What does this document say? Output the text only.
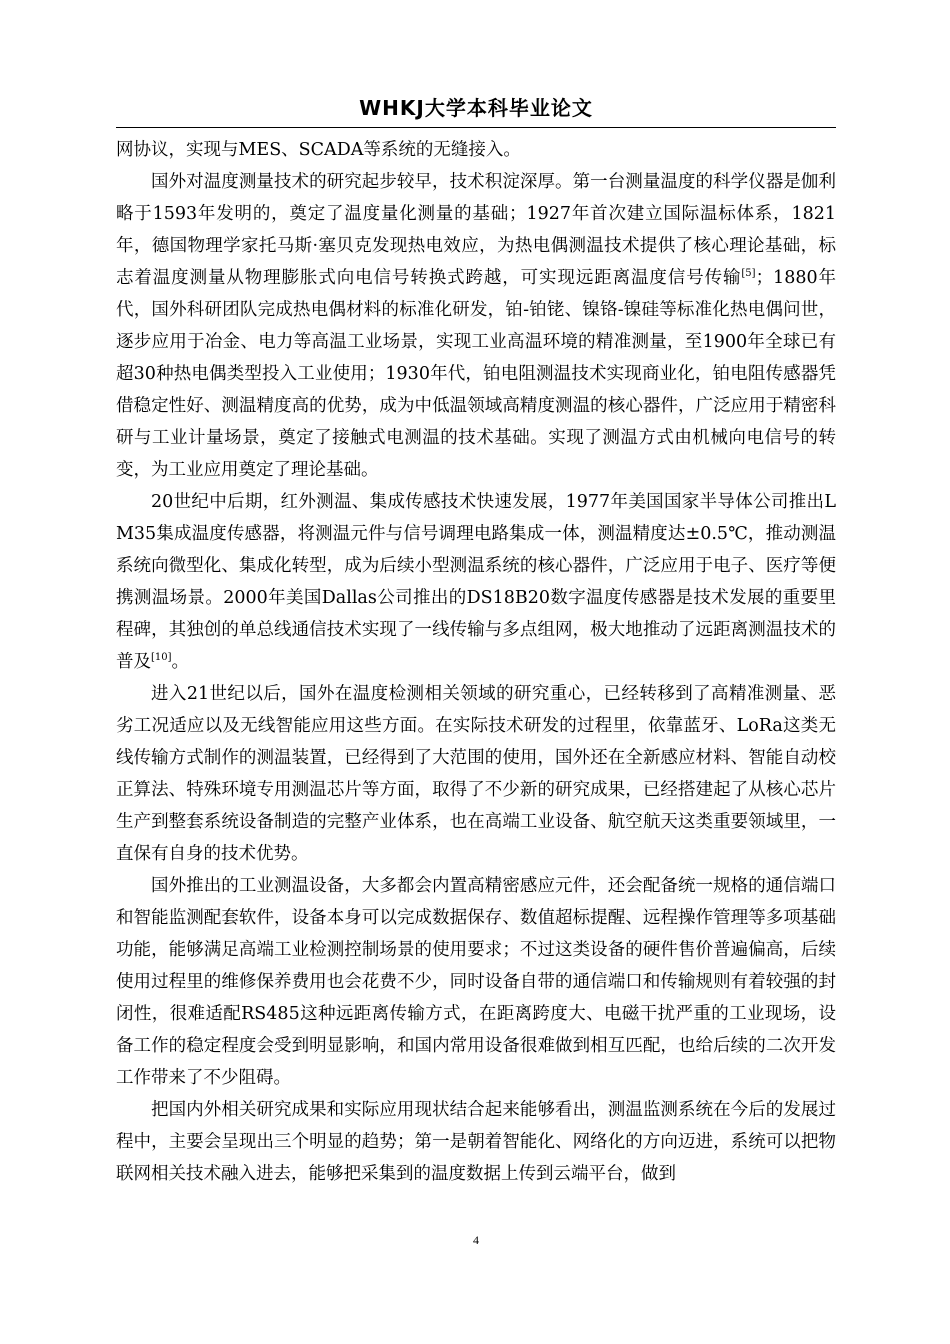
WHKJ大学本科毕业论文

网协议，实现与MES、SCADA等系统的无缝接入。

国外对温度测量技术的研究起步较早，技术积淀深厚。第一台测量温度的科学仪器是伽利略于1593年发明的，奠定了温度量化测量的基础；1927年首次建立国际温标体系，1821年，德国物理学家托马斯·塞贝克发现热电效应，为热电偶测温技术提供了核心理论基础，标志着温度测量从物理膨胀式向电信号转换式跨越，可实现远距离温度信号传输[5]；1880年代，国外科研团队完成热电偶材料的标准化研发，铂-铂铑、镍铬-镍硅等标准化热电偶问世，逐步应用于冶金、电力等高温工业场景，实现工业高温环境的精准测量，至1900年全球已有超30种热电偶类型投入工业使用；1930年代，铂电阻测温技术实现商业化，铂电阻传感器凭借稳定性好、测温精度高的优势，成为中低温领域高精度测温的核心器件，广泛应用于精密科研与工业计量场景，奠定了接触式电测温的技术基础。实现了测温方式由机械向电信号的转变，为工业应用奠定了理论基础。

20世纪中后期，红外测温、集成传感技术快速发展，1977年美国国家半导体公司推出LM35集成温度传感器，将测温元件与信号调理电路集成一体，测温精度达±0.5℃，推动测温系统向微型化、集成化转型，成为后续小型测温系统的核心器件，广泛应用于电子、医疗等便携测温场景。2000年美国Dallas公司推出的DS18B20数字温度传感器是技术发展的重要里程碑，其独创的单总线通信技术实现了一线传输与多点组网，极大地推动了远距离测温技术的普及[10]。

进入21世纪以后，国外在温度检测相关领域的研究重心，已经转移到了高精准测量、恶劣工况适应以及无线智能应用这些方面。在实际技术研发的过程里，依靠蓝牙、LoRa这类无线传输方式制作的测温装置，已经得到了大范围的使用，国外还在全新感应材料、智能自动校正算法、特殊环境专用测温芯片等方面，取得了不少新的研究成果，已经搭建起了从核心芯片生产到整套系统设备制造的完整产业体系，也在高端工业设备、航空航天这类重要领域里，一直保有自身的技术优势。

国外推出的工业测温设备，大多都会内置高精密感应元件，还会配备统一规格的通信端口和智能监测配套软件，设备本身可以完成数据保存、数值超标提醒、远程操作管理等多项基础功能，能够满足高端工业检测控制场景的使用要求；不过这类设备的硬件售价普遍偏高，后续使用过程里的维修保养费用也会花费不少，同时设备自带的通信端口和传输规则有着较强的封闭性，很难适配RS485这种远距离传输方式，在距离跨度大、电磁干扰严重的工业现场，设备工作的稳定程度会受到明显影响，和国内常用设备很难做到相互匹配，也给后续的二次开发工作带来了不少阻碍。

把国内外相关研究成果和实际应用现状结合起来能够看出，测温监测系统在今后的发展过程中，主要会呈现出三个明显的趋势；第一是朝着智能化、网络化的方向迈进，系统可以把物联网相关技术融入进去，能够把采集到的温度数据上传到云端平台，做到

4
